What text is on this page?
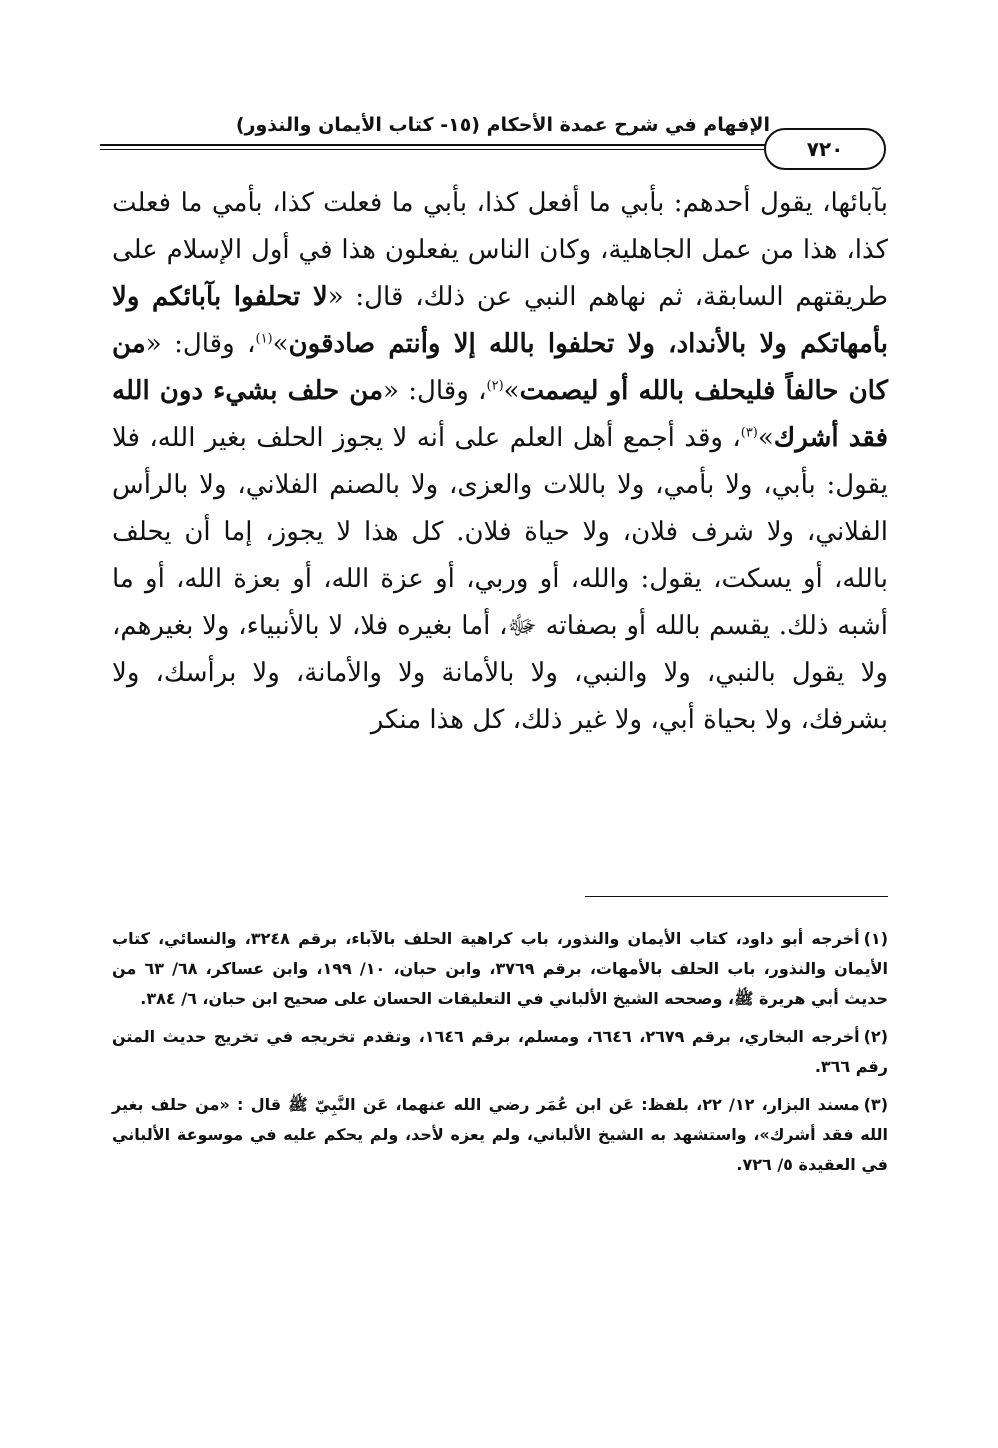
الإفهام في شرح عمدة الأحكام (١٥- كتاب الأيمان والنذور)
٧٢٠

بآبائها، يقول أحدهم: بأبي ما أفعل كذا، بأبي ما فعلت كذا، بأمي ما فعلت كذا، هذا من عمل الجاهلية، وكان الناس يفعلون هذا في أول الإسلام على طريقتهم السابقة، ثم نهاهم النبي عن ذلك، قال: «لا تحلفوا بآبائكم ولا بأمهاتكم ولا بالأنداد، ولا تحلفوا بالله إلا وأنتم صادقون»$^{(١)}$، وقال: «من كان حالفاً فليحلف بالله أو ليصمت»$^{(٢)}$، وقال: «من حلف بشيء دون الله فقد أشرك»$^{(٣)}$، وقد أجمع أهل العلم على أنه لا يجوز الحلف بغير الله، فلا يقول: بأبي، ولا بأمي، ولا باللات والعزى، ولا بالصنم الفلاني، ولا بالرأس الفلاني، ولا شرف فلان، ولا حياة فلان. كل هذا لا يجوز، إما أن يحلف بالله، أو يسكت، يقول: والله، أو وربي، أو عزة الله، أو بعزة الله، أو ما أشبه ذلك. يقسم بالله أو بصفاته ﷻ، أما بغيره فلا، لا بالأنبياء، ولا بغيرهم، ولا يقول بالنبي، ولا والنبي، ولا بالأمانة ولا والأمانة، ولا برأسك، ولا بشرفك، ولا بحياة أبي، ولا غير ذلك، كل هذا منكر

(١)أخرجه أبو داود، كتاب الأيمان والنذور، باب كراهية الحلف بالآباء، برقم ٣٢٤٨، والنسائي، كتاب الأيمان والنذور، باب الحلف بالأمهات، برقم ٣٧٦٩، وابن حبان، ١٠/ ١٩٩، وابن عساكر، ٦٨/ ٦٣ من حديث أبي هريرة ﷺ، وصححه الشيخ الألباني في التعليقات الحسان على صحيح ابن حبان، ٦/ ٣٨٤.

(٢)أخرجه البخاري، برقم ٢٦٧٩، ٦٦٤٦، ومسلم، برقم ١٦٤٦، وتقدم تخريجه في تخريج حديث المتن رقم ٣٦٦.

(٣)مسند البزار، ١٢/ ٢٢، بلفظ: عَن ابن عُمَر رضي الله عنهما، عَن النَّبِيّ ﷺ قال : «من حلف بغير الله فقد أشرك»، واستشهد به الشيخ الألباني، ولم يعزه لأحد، ولم يحكم عليه في موسوعة الألباني في العقيدة ٥/ ٧٢٦.
